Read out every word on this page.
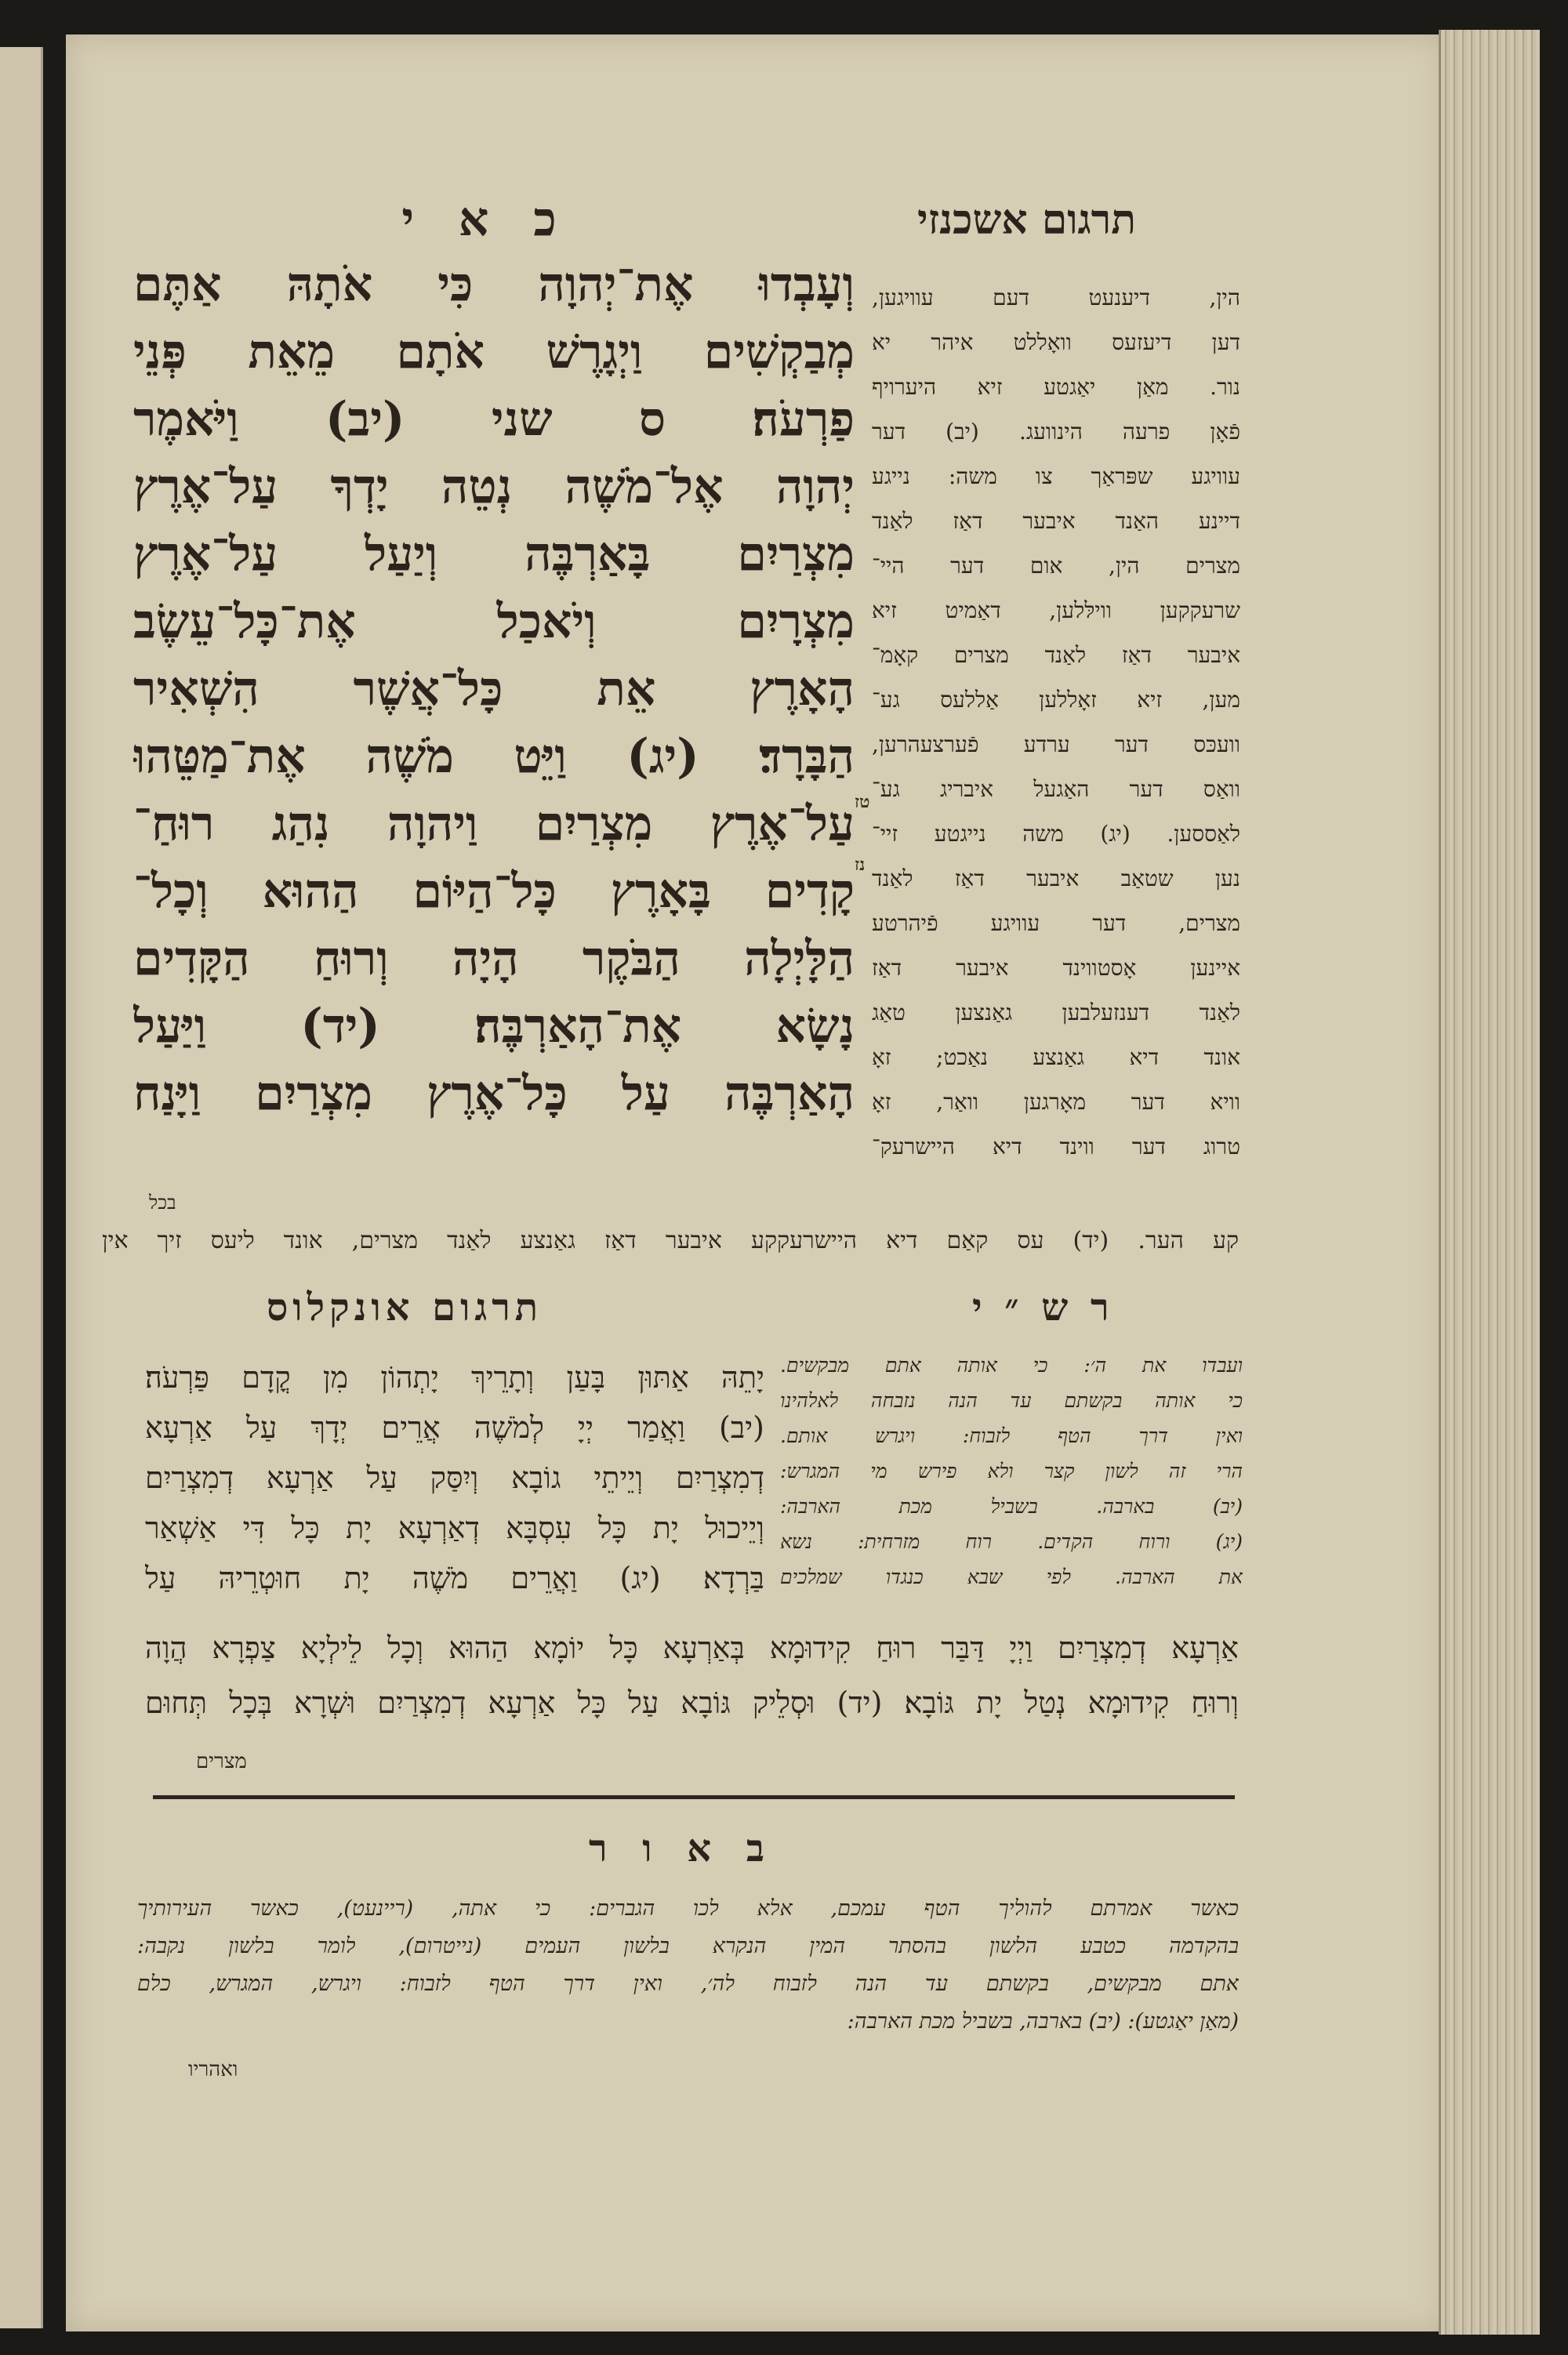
תרגום אשכנזי
כ א י
וְעָבְדוּ אֶת־יְהוָה כִּי אֹתָהּ אַתֶּם
מְבַקְשִׁים וַיְגָרֶשׁ אֹתָם מֵאֵת פְּנֵי
פַרְעֹה׃ ס שני (יב) וַיֹּאמֶר
יְהוָה אֶל־מֹשֶׁה נְטֵה יָדְךָ עַל־אֶרֶץ
מִצְרַיִם בָּאַרְבֶּה וְיַעַל עַל־אֶרֶץ
מִצְרָיִם וְיֹאכַל אֶת־כָּל־עֵשֶׂב
הָאָרֶץ אֵת כָּל־אֲשֶׁר הִשְׁאִיר
הַבָּרָד׃ (יג) וַיֵּט מֹשֶׁה אֶת־מַטֵּהוּ
עַל־אֶרֶץ מִצְרַיִם וַיהוָה נִהַג רוּחַ־
קָדִים בָּאָרֶץ כָּל־הַיּוֹם הַהוּא וְכָל־
הַלָּיְלָה הַבֹּקֶר הָיָה וְרוּחַ הַקָּדִים
נָשָׂא אֶת־הָאַרְבֶּה׃ (יד) וַיַּעַל
הָאַרְבֶּה עַל כָּל־אֶרֶץ מִצְרַיִם וַיָּנַח
בכל
טז
נז
הין, דיענעט דעם עוויגען,
דען דיעזעס וואָללט איהר יא
נור. מאַן יאַגטע זיא היערויף
פֿאָן פרעה הינוועג. (יב) דער
עוויגע שפּראַך צו משה: נייגע
דיינע האַנד איבער דאַז לאַנד
מצרים הין, אום דער היי־
שרעקקען ווילּלען, דאַמיט זיא
איבער דאַז לאַנד מצרים קאָמ־
מען, זיא זאָללען אַללעס גע־
וועכּס דער ערדע פֿערצעהרען,
וואַס דער האַגעל איבריג גע־
לאַססען. (יג) משה נייגטע זיי־
נען שטאַב איבער דאַז לאַנד
מצרים, דער עוויגע פֿיהרטע
איינען אָסטווינד איבער דאַז
לאַנד דענזעלבען גאַנצען טאַג
אונד דיא גאַנצע נאַכט; זאָ
וויא דער מאָרגען וואַר, זאָ
טרוג דער ווינד דיא היישרעק־
קע הער. (יד) עס קאַם דיא היישרעקקע איבער דאַז גאַנצע לאַנד מצרים, אונד ליעס זיך אין
ר ש ״ י
תרגום אונקלוס
ועבדו את ה׳: כי אותה אתם מבקשים.
כי אותה בקשתם עד הנה נזבחה לאלהינו
ואין דרך הטף לזבוח: ויגרש אותם.
הרי זה לשון קצר ולא פירש מי המגרש:
(יב) בארבה. בשביל מכת הארבה:
(יג) ורוח הקדים. רוח מזרחית: נשא
את הארבה. לפי שבא כנגדו שמלכים
יָתֵהּ אַתּוּן בָּעַן וְתָרֵיךְ יָתְהוֹן מִן קֳדָם פַּרְעֹה׃
(יב) וַאֲמַר יְיָ לְמֹשֶׁה אֲרֵים יְדָךְ עַל אַרְעָא
דְמִצְרַיִם וְיֵיתֵי גוֹבָא וְיִסַּק עַל אַרְעָא דְמִצְרַיִם
וְיֵיכוּל יָת כָּל עִסְבָּא דְאַרְעָא יָת כָּל דִּי אַשְׁאַר
בַּרְדָא׃ (יג) וַאֲרֵים מֹשֶׁה יָת חוּטְרֵיהּ עַל
אַרְעָא דְמִצְרַיִם וַיְיָ דַּבַּר רוּחַ קִידוּמָא בְּאַרְעָא כָּל יוֹמָא הַהוּא וְכָל לֵילְיָא צַפְרָא הֲוָה
וְרוּחַ קִידוּמָא נְטַל יָת גּוֹבָא׃ (יד) וּסְלֵיק גּוֹבָא עַל כָּל אַרְעָא דְמִצְרַיִם וּשְׁרָא בְּכָל תְּחוּם
מצרים
ב א ו ר
כאשר אמרתם להוליך הטף עמכם, אלא לכו הגברים: כי אתה, (ריינעט), כאשר העירותיך
בהקדמה כטבע הלשון בהסתר המין הנקרא בלשון העמים (נייטרום), לומר בלשון נקבה:
אתם מבקשים, בקשתם עד הנה לזבוח לה׳, ואין דרך הטף לזבוח: ויגרש, המגרש, כלם
(מאַן יאַגטע): (יב) בארבה, בשביל מכת הארבה:
ואהריו
